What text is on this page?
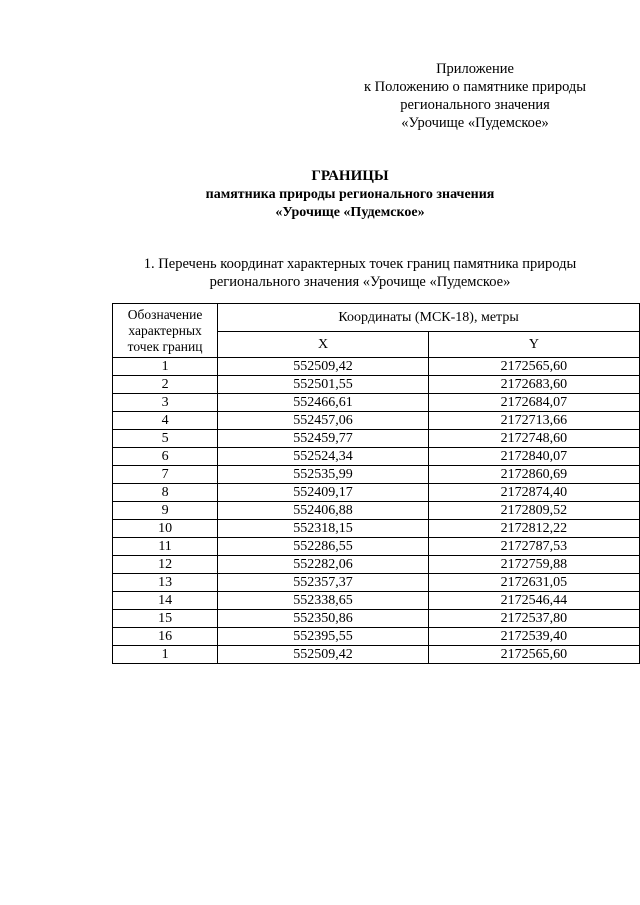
Приложение
к Положению о памятнике природы
регионального значения
«Урочище «Пудемское»
ГРАНИЦЫ
памятника природы регионального значения
«Урочище «Пудемское»
1. Перечень координат характерных точек границ памятника природы
регионального значения «Урочище «Пудемское»
Обозначение характерных точек границ	Координаты (МСК-18), метры	
	X	Y
1	552509,42	2172565,60
2	552501,55	2172683,60
3	552466,61	2172684,07
4	552457,06	2172713,66
5	552459,77	2172748,60
6	552524,34	2172840,07
7	552535,99	2172860,69
8	552409,17	2172874,40
9	552406,88	2172809,52
10	552318,15	2172812,22
11	552286,55	2172787,53
12	552282,06	2172759,88
13	552357,37	2172631,05
14	552338,65	2172546,44
15	552350,86	2172537,80
16	552395,55	2172539,40
1	552509,42	2172565,60
